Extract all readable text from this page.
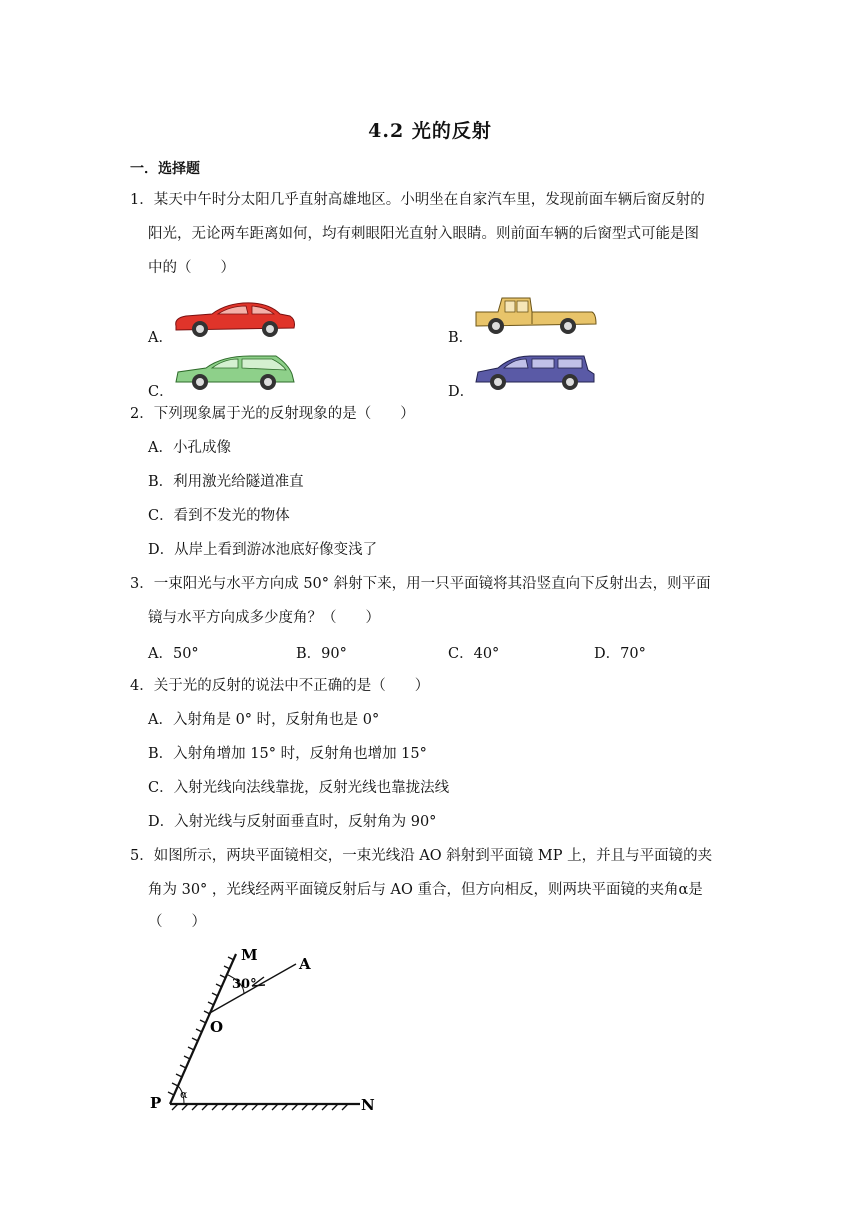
4.2 光的反射
一．选择题
1．某天中午时分太阳几乎直射高雄地区。小明坐在自家汽车里，发现前面车辆后窗反射的
阳光，无论两车距离如何，均有刺眼阳光直射入眼睛。则前面车辆的后窗型式可能是图
中的（　　）
A．	B．
C．	D．
2．下列现象属于光的反射现象的是（　　）
A．小孔成像
B．利用激光给隧道准直
C．看到不发光的物体
D．从岸上看到游冰池底好像变浅了
3．一束阳光与水平方向成 50° 斜射下来，用一只平面镜将其沿竖直向下反射出去，则平面
镜与水平方向成多少度角？（　　）
A．50°	B．90°	C．40°	D．70°
4．关于光的反射的说法中不正确的是（　　）
A．入射角是 0° 时，反射角也是 0°
B．入射角增加 15° 时，反射角也增加 15°
C．入射光线向法线靠拢，反射光线也靠拢法线
D．入射光线与反射面垂直时，反射角为 90°
5．如图所示，两块平面镜相交，一束光线沿 AO 斜射到平面镜 MP 上，并且与平面镜的夹
角为 30° ，光线经两平面镜反射后与 AO 重合，但方向相反，则两块平面镜的夹角α是
（　　）
M	A
O
P	N
30°
α
